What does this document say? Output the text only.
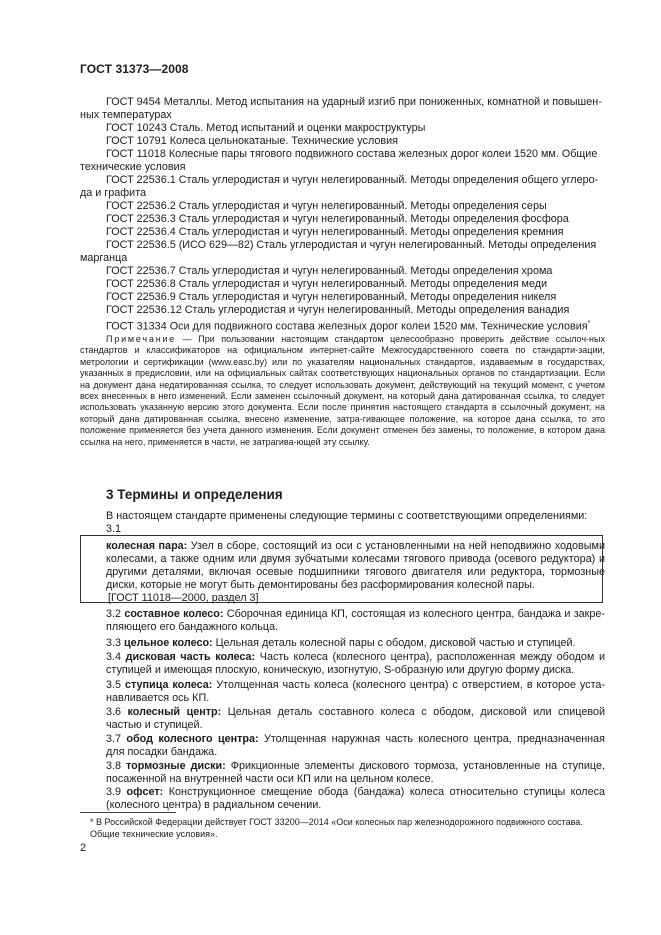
ГОСТ 31373—2008
ГОСТ 9454 Металлы. Метод испытания на ударный изгиб при пониженных, комнатной и повышен-
ных температурах
ГОСТ 10243 Сталь. Метод испытаний и оценки макроструктуры
ГОСТ 10791 Колеса цельнокатаные. Технические условия
ГОСТ 11018 Колесные пары тягового подвижного состава железных дорог колеи 1520 мм. Общие
технические условия
ГОСТ 22536.1 Сталь углеродистая и чугун нелегированный. Методы определения общего углеро-
да и графита
ГОСТ 22536.2 Сталь углеродистая и чугун нелегированный. Методы определения серы
ГОСТ 22536.3 Сталь углеродистая и чугун нелегированный. Методы определения фосфора
ГОСТ 22536.4 Сталь углеродистая и чугун нелегированный. Методы определения кремния
ГОСТ 22536.5 (ИСО 629—82) Сталь углеродистая и чугун нелегированный. Методы определения
марганца
ГОСТ 22536.7 Сталь углеродистая и чугун нелегированный. Методы определения хрома
ГОСТ 22536.8 Сталь углеродистая и чугун нелегированный. Методы определения меди
ГОСТ 22536.9 Сталь углеродистая и чугун нелегированный. Методы определения никеля
ГОСТ 22536.12 Сталь углеродистая и чугун нелегированный. Методы определения ванадия
ГОСТ 31334 Оси для подвижного состава железных дорог колеи 1520 мм. Технические условия*
Примечание — При пользовании настоящим стандартом целесообразно проверить действие ссылоч-ных стандартов и классификаторов на официальном интернет-сайте Межгосударственного совета по стандарти-зации, метрологии и сертификации (www.easc.by) или по указателям национальных стандартов, издаваемым в государствах, указанных в предисловии, или на официальных сайтах соответствующих национальных органов по стандартизации. Если на документ дана недатированная ссылка, то следует использовать документ, действующий на текущий момент, с учетом всех внесенных в него изменений. Если заменен ссылочный документ, на который дана датированная ссылка, то следует использовать указанную версию этого документа. Если после принятия настоящего стандарта в ссылочный документ, на который дана датированная ссылка, внесено изменение, затра-гивающее положение, на которое дана ссылка, то это положение применяется без учета данного изменения. Если документ отменен без замены, то положение, в котором дана ссылка на него, применяется в части, не затрагива-ющей эту ссылку.
3 Термины и определения
В настоящем стандарте применены следующие термины с соответствующими определениями:
3.1
колесная пара: Узел в сборе, состоящий из оси с установленными на ней неподвижно ходовыми колесами, а также одним или двумя зубчатыми колесами тягового привода (осевого редуктора) и другими деталями, включая осевые подшипники тягового двигателя или редуктора, тормозные диски, которые не могут быть демонтированы без расформирования колесной пары.
[ГОСТ 11018—2000, раздел 3]
3.2 составное колесо: Сборочная единица КП, состоящая из колесного центра, бандажа и закре-пляющего его бандажного кольца.
3.3 цельное колесо: Цельная деталь колесной пары с ободом, дисковой частью и ступицей.
3.4 дисковая часть колеса: Часть колеса (колесного центра), расположенная между ободом и ступицей и имеющая плоскую, коническую, изогнутую, S-образную или другую форму диска.
3.5 ступица колеса: Утолщенная часть колеса (колесного центра) с отверстием, в которое уста-навливается ось КП.
3.6 колесный центр: Цельная деталь составного колеса с ободом, дисковой или спицевой частью и ступицей.
3.7 обод колесного центра: Утолщенная наружная часть колесного центра, предназначенная для посадки бандажа.
3.8 тормозные диски: Фрикционные элементы дискового тормоза, установленные на ступице, посаженной на внутренней части оси КП или на цельном колесе.
3.9 офсет: Конструкционное смещение обода (бандажа) колеса относительно ступицы колеса (колесного центра) в радиальном сечении.
* В Российской Федерации действует ГОСТ 33200—2014 «Оси колесных пар железнодорожного подвижного состава. Общие технические условия».
2
